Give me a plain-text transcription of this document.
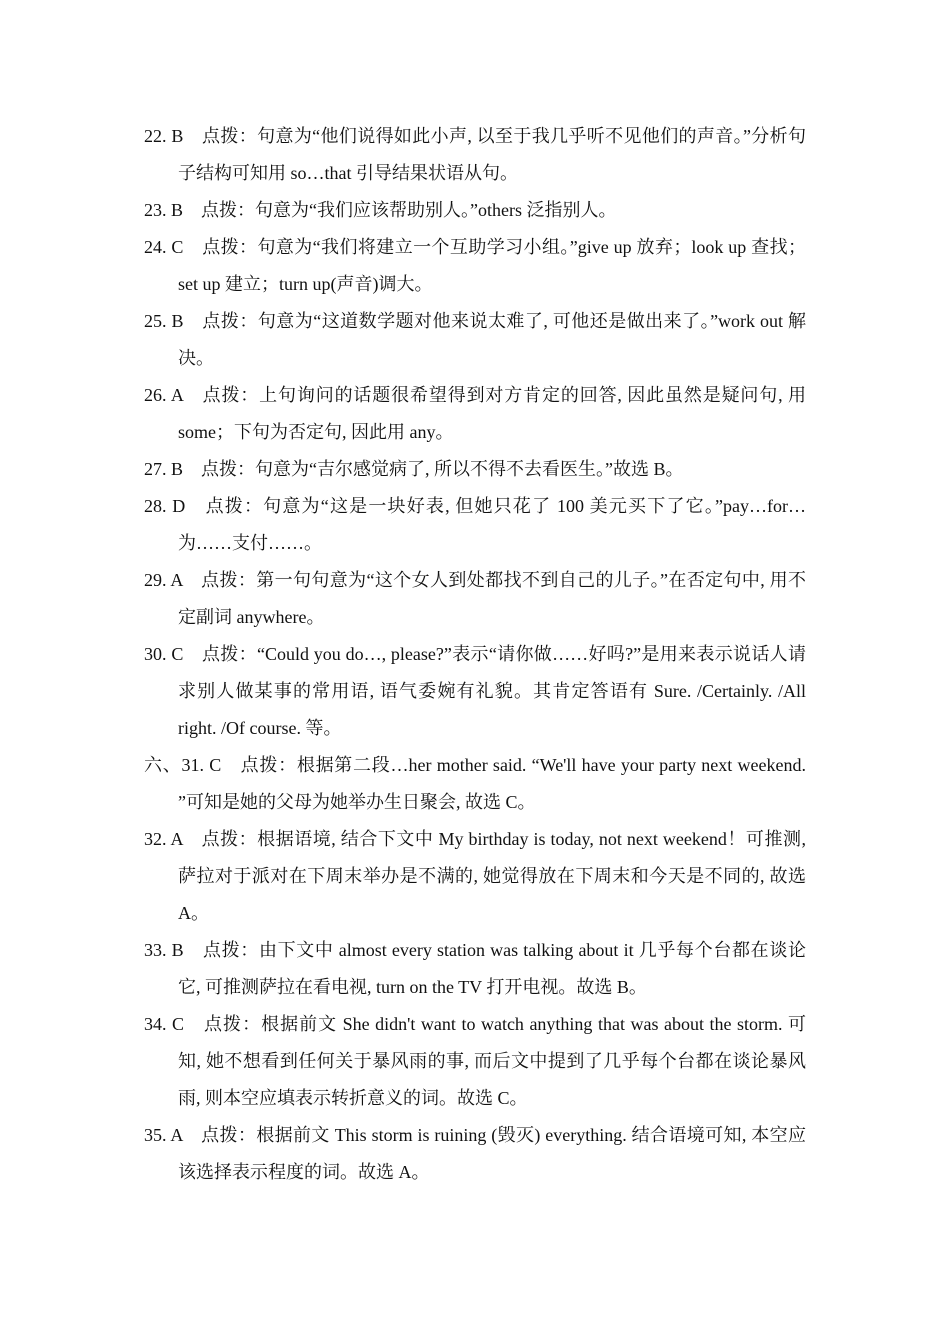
22. B　点拨：句意为“他们说得如此小声, 以至于我几乎听不见他们的声音。”分析句子结构可知用 so…that 引导结果状语从句。

23. B　点拨：句意为“我们应该帮助别人。”others 泛指别人。

24. C　点拨：句意为“我们将建立一个互助学习小组。”give up 放弃；look up 查找；set up 建立；turn up(声音)调大。

25. B　点拨：句意为“这道数学题对他来说太难了, 可他还是做出来了。”work out 解决。

26. A　点拨：上句询问的话题很希望得到对方肯定的回答, 因此虽然是疑问句, 用 some；下句为否定句, 因此用 any。

27. B　点拨：句意为“吉尔感觉病了, 所以不得不去看医生。”故选 B。

28. D　点拨：句意为“这是一块好表, 但她只花了 100 美元买下了它。”pay…for…为……支付……。

29. A　点拨：第一句句意为“这个女人到处都找不到自己的儿子。”在否定句中, 用不定副词 anywhere。

30. C　点拨：“Could you do…, please?”表示“请你做……好吗?”是用来表示说话人请求别人做某事的常用语, 语气委婉有礼貌。其肯定答语有 Sure. /Certainly. /All right. /Of course. 等。

六、31. C　点拨：根据第二段…her mother said. “We'll have your party next weekend. ”可知是她的父母为她举办生日聚会, 故选 C。

32. A　点拨：根据语境, 结合下文中 My birthday is today, not next weekend！可推测, 萨拉对于派对在下周末举办是不满的, 她觉得放在下周末和今天是不同的, 故选 A。

33. B　点拨：由下文中 almost every station was talking about it 几乎每个台都在谈论它, 可推测萨拉在看电视, turn on the TV 打开电视。故选 B。

34. C　点拨：根据前文 She didn't want to watch anything that was about the storm. 可知, 她不想看到任何关于暴风雨的事, 而后文中提到了几乎每个台都在谈论暴风雨, 则本空应填表示转折意义的词。故选 C。

35. A　点拨：根据前文 This storm is ruining (毁灭) everything. 结合语境可知, 本空应该选择表示程度的词。故选 A。
